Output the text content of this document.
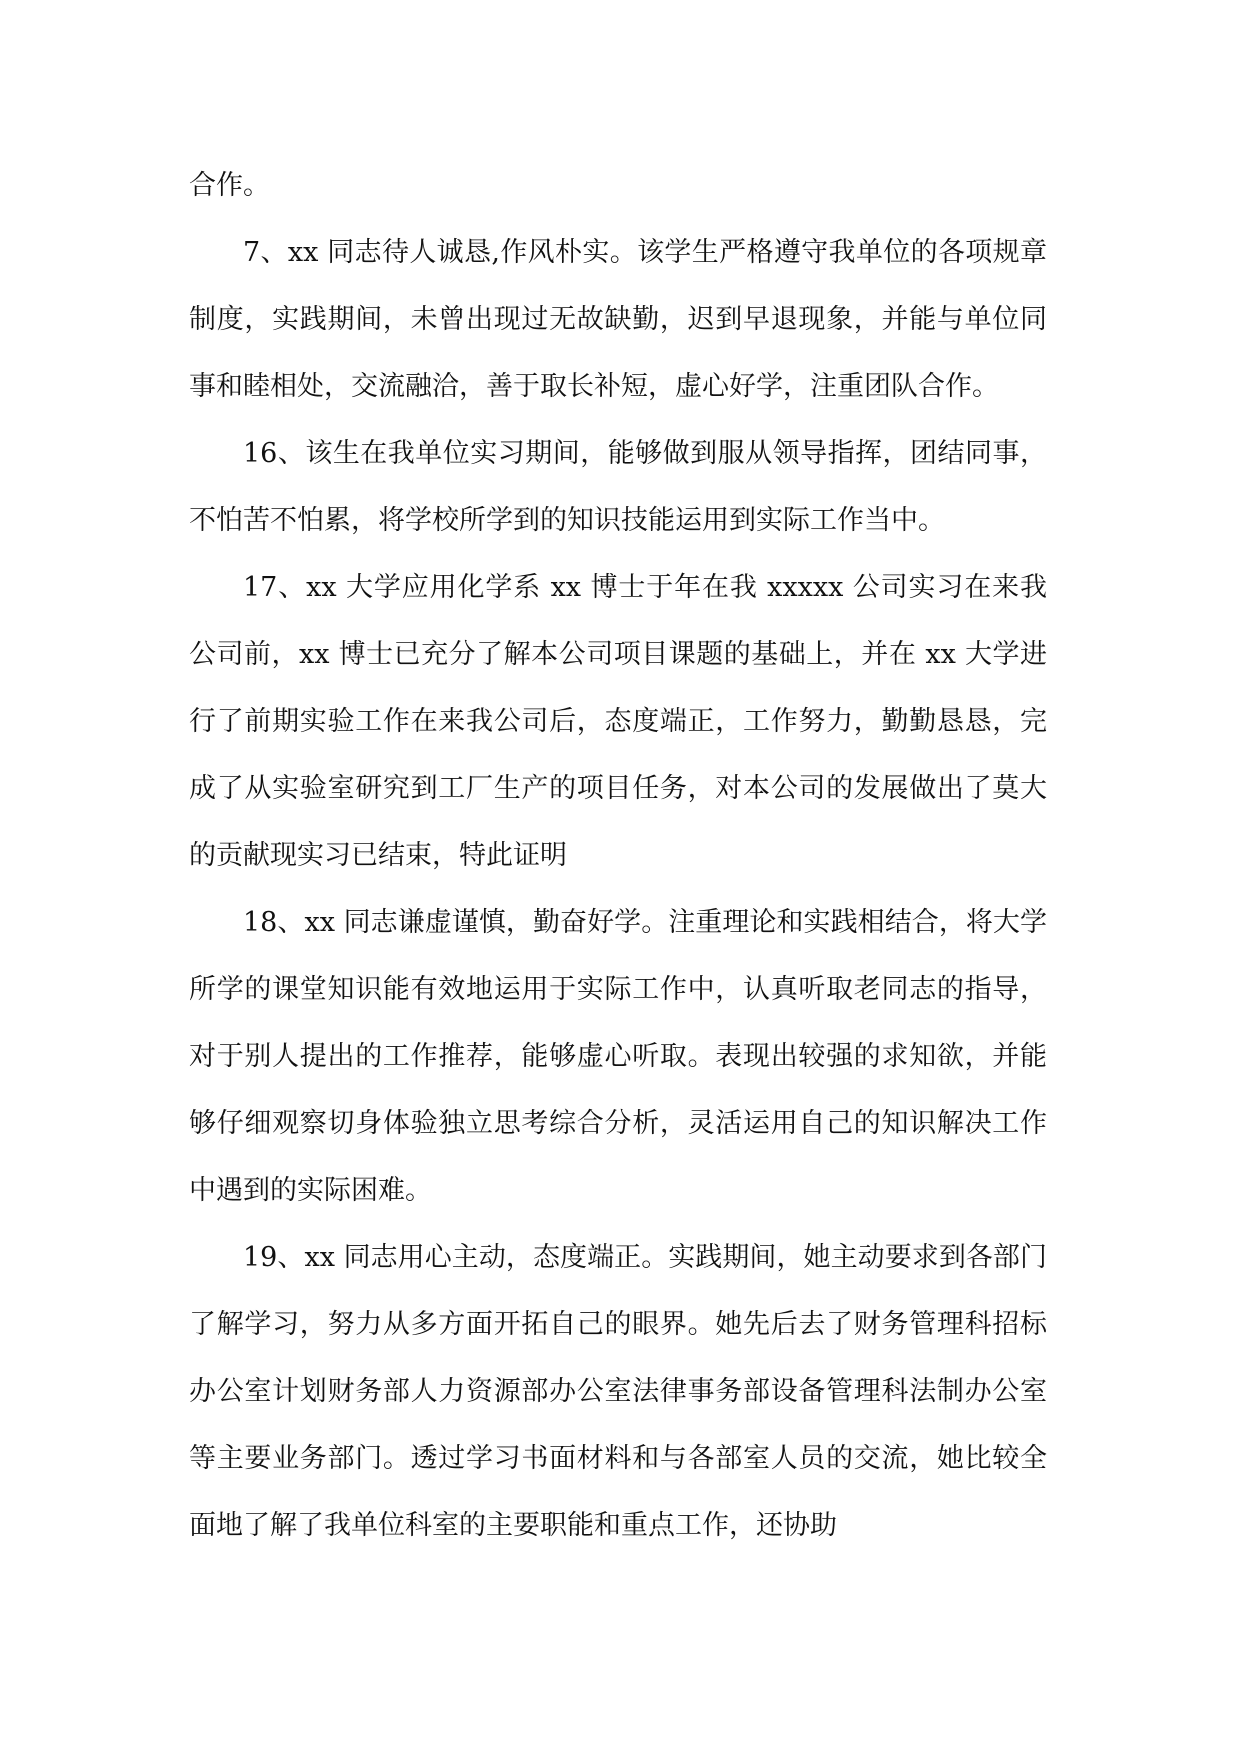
合作。

7、xx 同志待人诚恳,作风朴实。该学生严格遵守我单位的各项规章制度，实践期间，未曾出现过无故缺勤，迟到早退现象，并能与单位同事和睦相处，交流融洽，善于取长补短，虚心好学，注重团队合作。

16、该生在我单位实习期间，能够做到服从领导指挥，团结同事，不怕苦不怕累，将学校所学到的知识技能运用到实际工作当中。

17、xx 大学应用化学系 xx 博士于年在我 xxxxx 公司实习在来我公司前，xx 博士已充分了解本公司项目课题的基础上，并在 xx 大学进行了前期实验工作在来我公司后，态度端正，工作努力，勤勤恳恳，完成了从实验室研究到工厂生产的项目任务，对本公司的发展做出了莫大的贡献现实习已结束，特此证明

18、xx 同志谦虚谨慎，勤奋好学。注重理论和实践相结合，将大学所学的课堂知识能有效地运用于实际工作中，认真听取老同志的指导，对于别人提出的工作推荐，能够虚心听取。表现出较强的求知欲，并能够仔细观察切身体验独立思考综合分析，灵活运用自己的知识解决工作中遇到的实际困难。

19、xx 同志用心主动，态度端正。实践期间，她主动要求到各部门了解学习，努力从多方面开拓自己的眼界。她先后去了财务管理科招标办公室计划财务部人力资源部办公室法律事务部设备管理科法制办公室等主要业务部门。透过学习书面材料和与各部室人员的交流，她比较全面地了解了我单位科室的主要职能和重点工作，还协助
